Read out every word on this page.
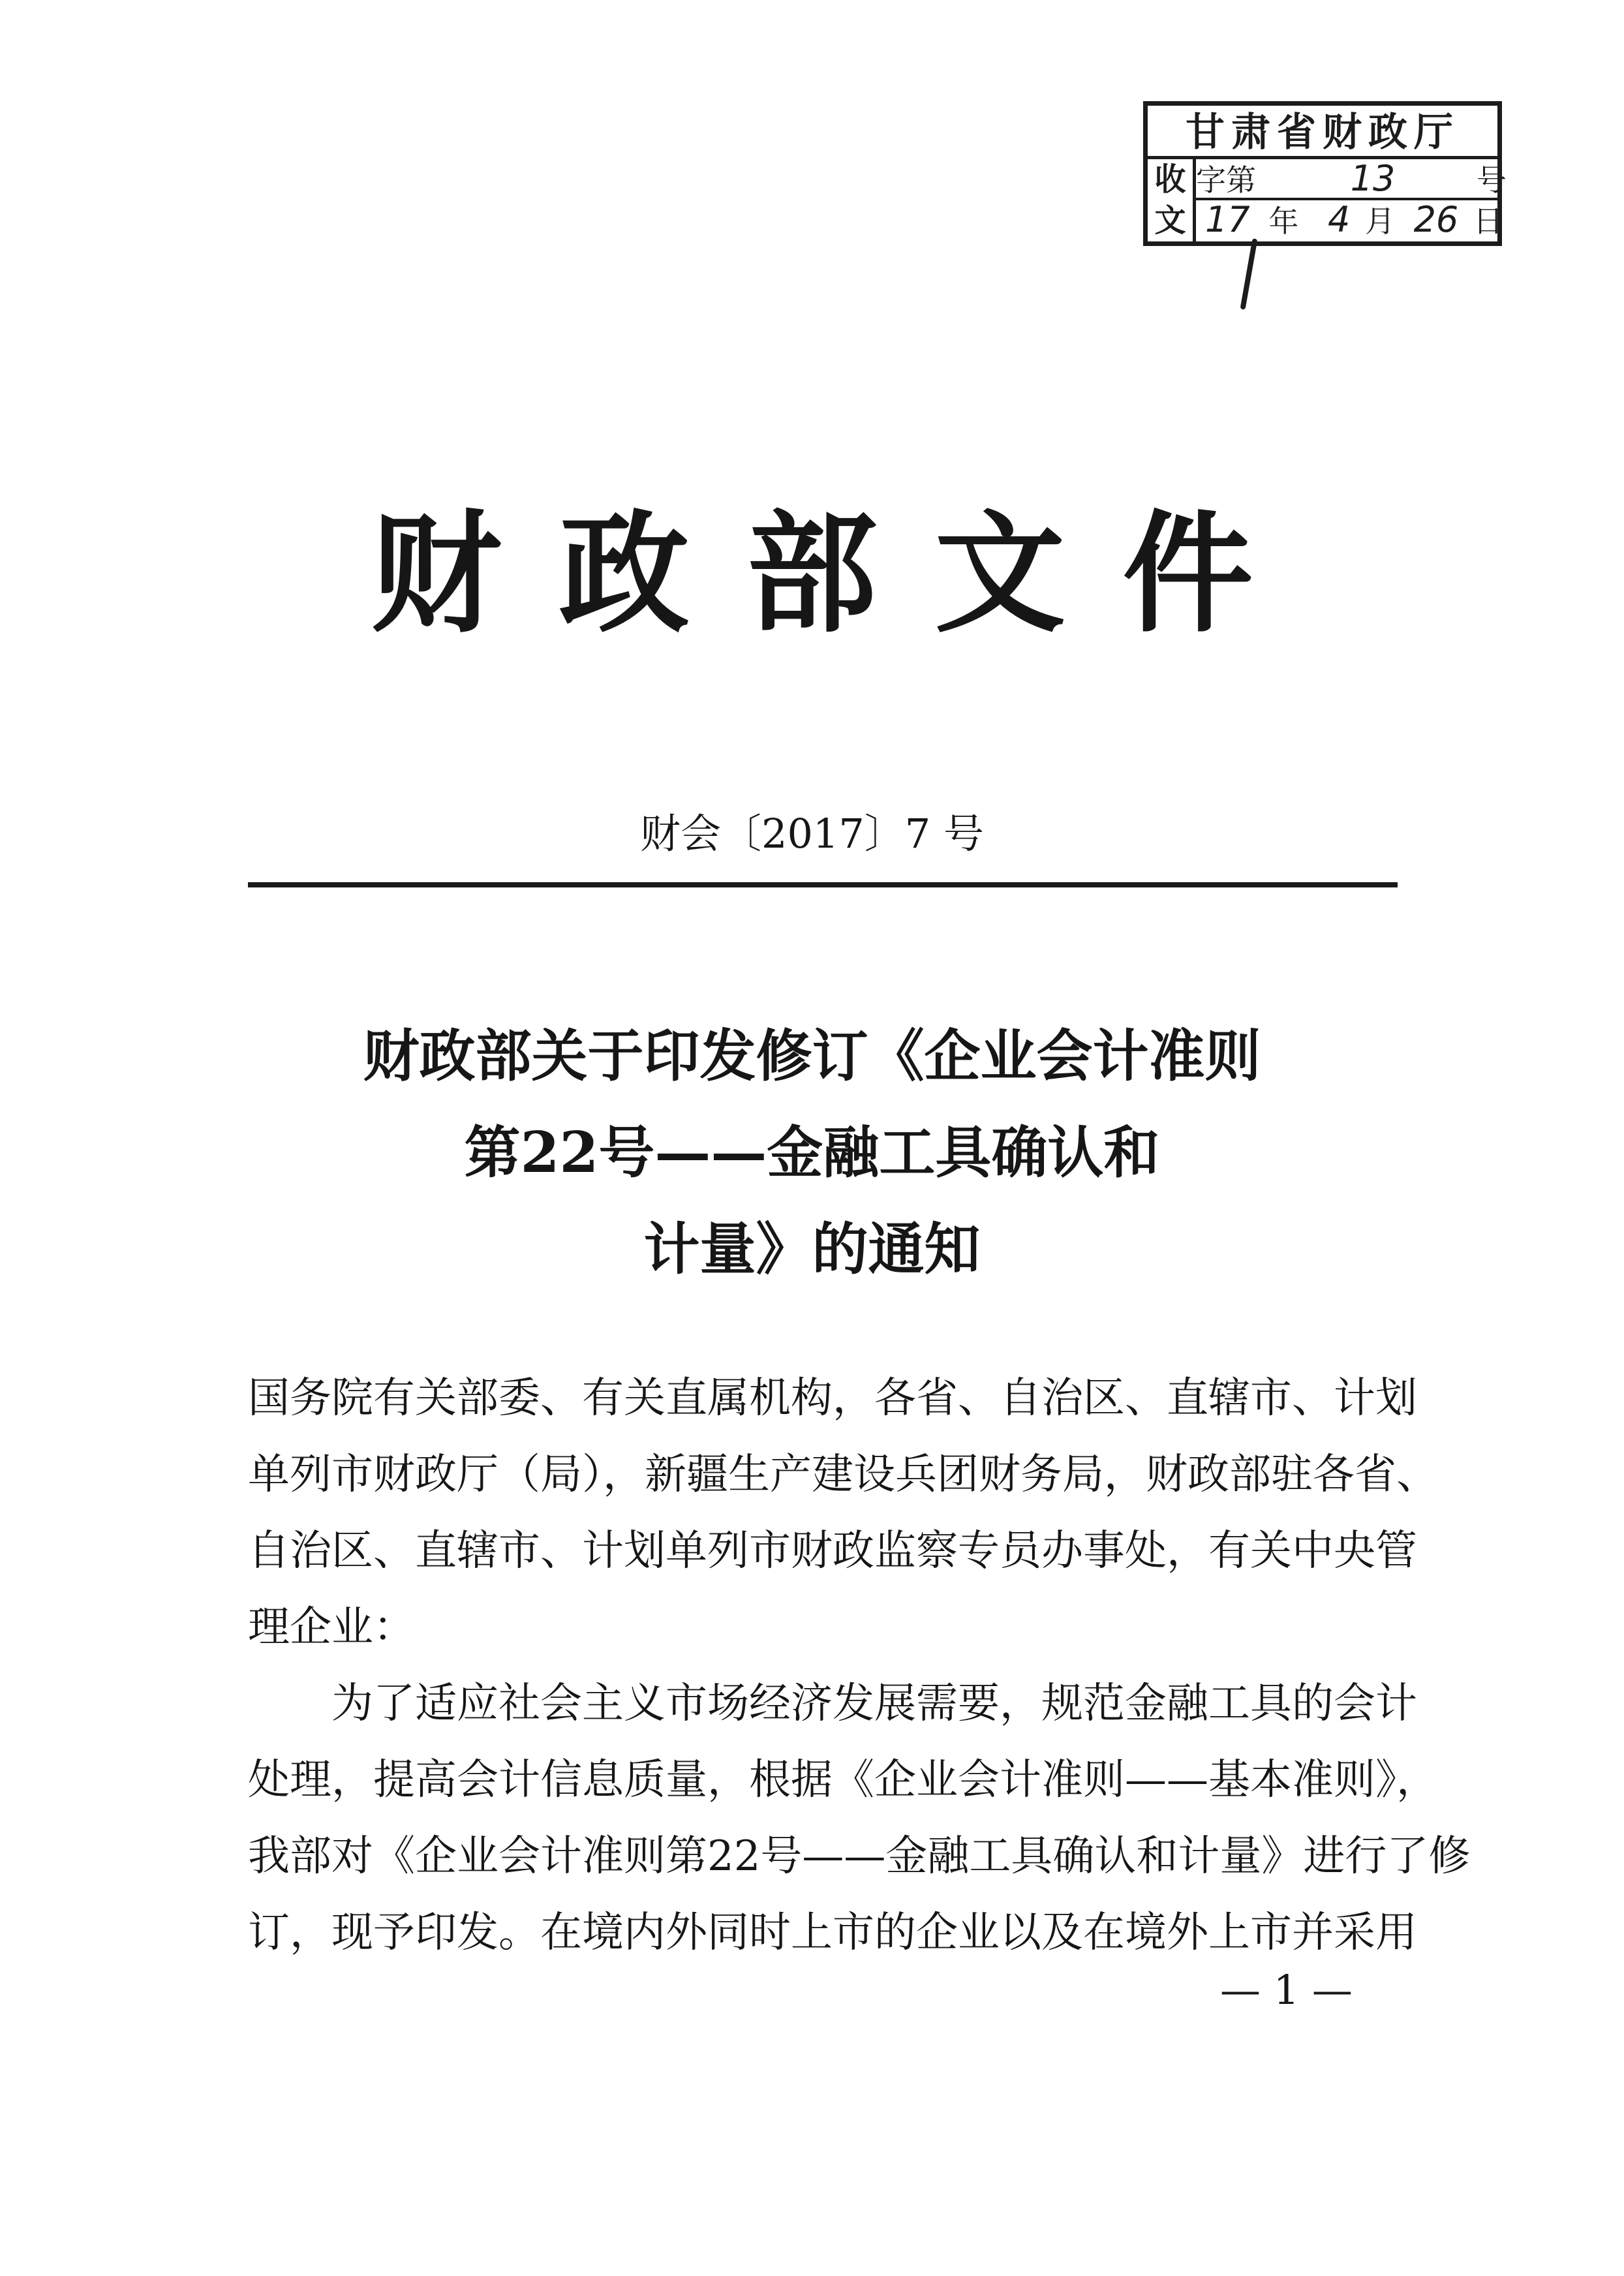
甘肃省财政厅
收
文
字第	13	号
17 年 4 月 26 日
财政部文件
财会〔2017〕7 号
财政部关于印发修订《企业会计准则
第22号——金融工具确认和
计量》的通知
国务院有关部委、有关直属机构，各省、自治区、直辖市、计划
单列市财政厅（局），新疆生产建设兵团财务局，财政部驻各省、
自治区、直辖市、计划单列市财政监察专员办事处，有关中央管
理企业：
为了适应社会主义市场经济发展需要，规范金融工具的会计
处理，提高会计信息质量，根据《企业会计准则——基本准则》，
我部对《企业会计准则第22号——金融工具确认和计量》进行了修
订，现予印发。在境内外同时上市的企业以及在境外上市并采用
— 1 —
